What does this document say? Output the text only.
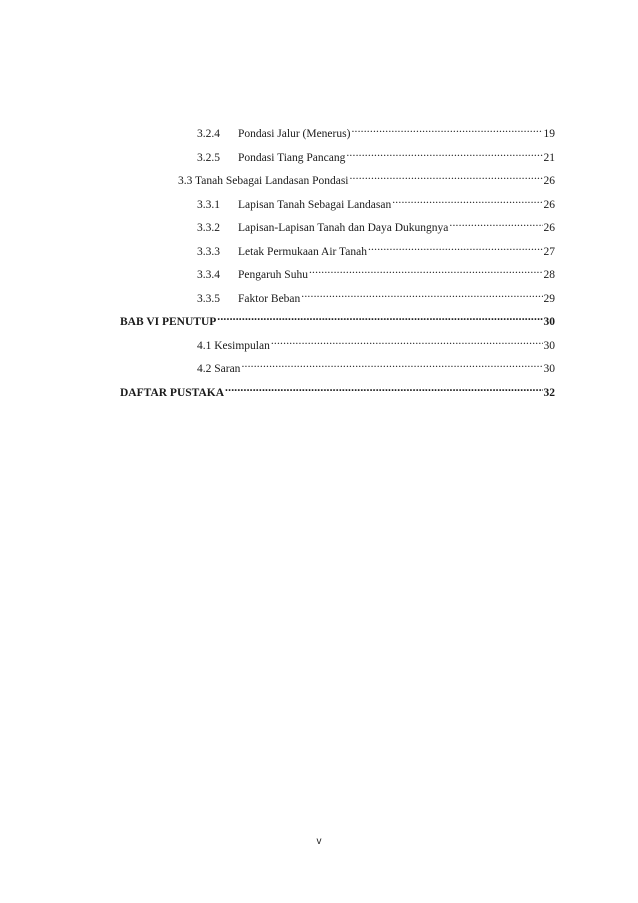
3.2.4	Pondasi Jalur (Menerus) .....	19
3.2.5	Pondasi Tiang Pancang .....	21
3.3 Tanah Sebagai Landasan Pondasi .....	26
3.3.1	Lapisan Tanah Sebagai Landasan .....	26
3.3.2	Lapisan-Lapisan Tanah dan Daya Dukungnya .....	26
3.3.3	Letak Permukaan Air Tanah .....	27
3.3.4	Pengaruh Suhu .....	28
3.3.5	Faktor Beban .....	29
BAB VI PENUTUP .....	30
4.1 Kesimpulan .....	30
4.2 Saran .....	30
DAFTAR PUSTAKA .....	32
v
